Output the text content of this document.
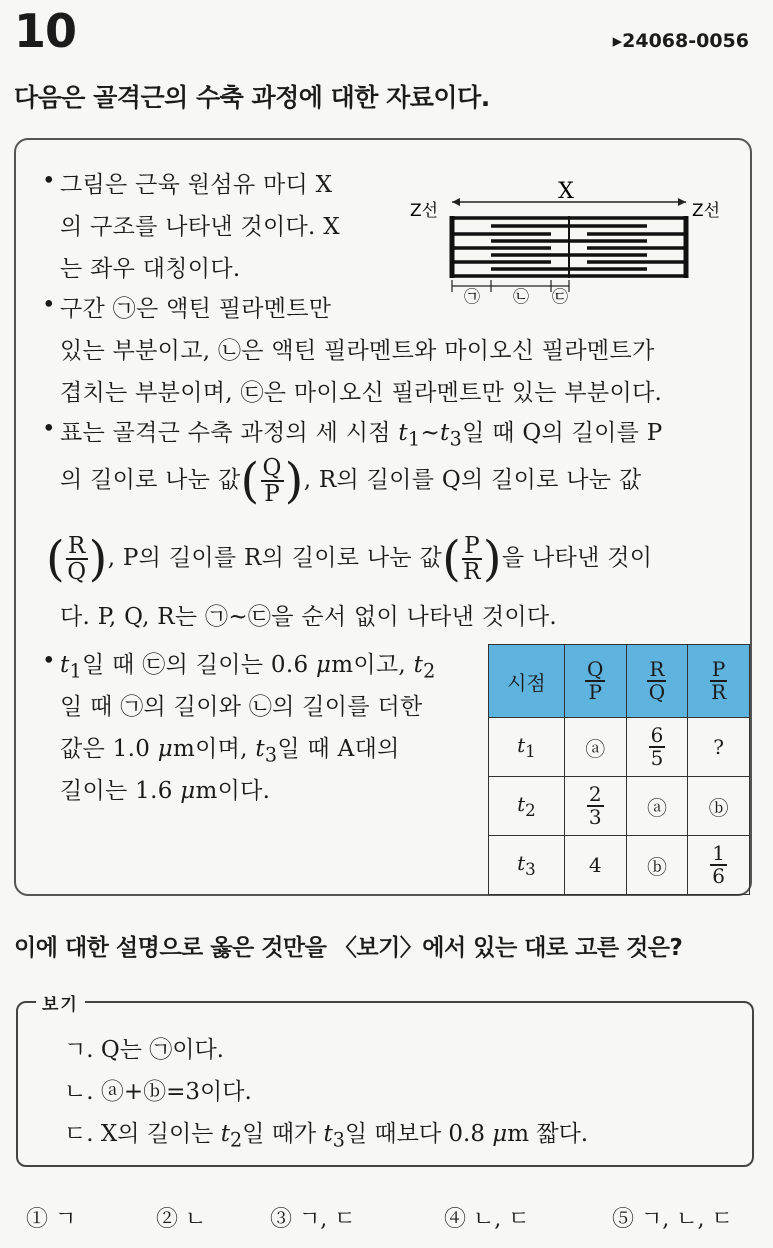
10	▸24068-0056
다음은 골격근의 수축 과정에 대한 자료이다.
• 그림은 근육 원섬유 마디 X
의 구조를 나타낸 것이다. X
는 좌우 대칭이다.
• 구간 ㉠은 액틴 필라멘트만
있는 부분이고, ㉡은 액틴 필라멘트와 마이오신 필라멘트가
겹치는 부분이며, ㉢은 마이오신 필라멘트만 있는 부분이다.
• 표는 골격근 수축 과정의 세 시점 $t_1\sim t_3$일 때 Q의 길이를 P
의 길이로 나눈 값( $\frac{Q}{P}$ ), R의 길이를 Q의 길이로 나눈 값
( $\frac{R}{Q}$ ), P의 길이를 R의 길이로 나눈 값( $\frac{P}{R}$ )을 나타낸 것이
다. P, Q, R는 ㉠~㉢을 순서 없이 나타낸 것이다.
• $t_1$일 때 ㉢의 길이는 0.6 μm이고, $t_2$
일 때 ㉠의 길이와 ㉡의 길이를 더한
값은 1.0 μm이며, $t_3$일 때 A대의
길이는 1.6 μm이다.
X
Z선	Z선
㉠ ㉡ ㉢
시점	$\frac{Q}{P}$	$\frac{R}{Q}$	$\frac{P}{R}$

$t_1$	ⓐ	$\frac{6}{5}$	?
$t_2$	$\frac{2}{3}$	ⓐ	ⓑ
$t_3$	4	ⓑ	$\frac{1}{6}$
이에 대한 설명으로 옳은 것만을 〈보기〉에서 있는 대로 고른 것은?
ㄱ. Q는 ㉠이다.
ㄴ. ⓐ+ⓑ=3이다.
ㄷ. X의 길이는 $t_2$일 때가 $t_3$일 때보다 0.8 μm 짧다.
보기
① ㄱ	② ㄴ	③ ㄱ, ㄷ	④ ㄴ, ㄷ	⑤ ㄱ, ㄴ, ㄷ
